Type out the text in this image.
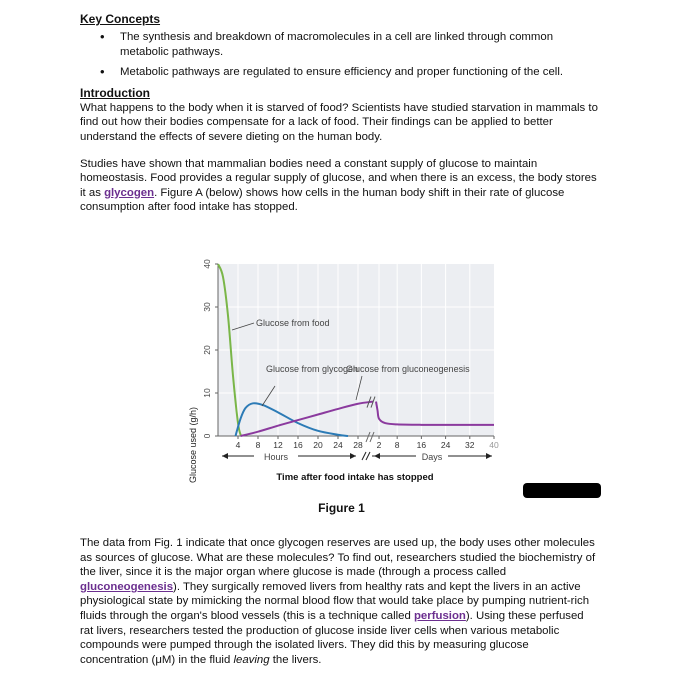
Key Concepts
• The synthesis and breakdown of macromolecules in a cell are linked through common metabolic pathways.
• Metabolic pathways are regulated to ensure efficiency and proper functioning of the cell.
Introduction

What happens to the body when it is starved of food? Scientists have studied starvation in mammals to find out how their bodies compensate for a lack of food. Their findings can be applied to better understand the effects of severe dieting on the human body.

Studies have shown that mammalian bodies need a constant supply of glucose to maintain homeostasis. Food provides a regular supply of glucose, and when there is an excess, the body stores it as glycogen. Figure A (below) shows how cells in the human body shift in their rate of glucose consumption after food intake has stopped.

40
30
20
10
0
4 8 12 16 20 24 28 2 8 16 24 32 40
Glucose used (g/h)
Glucose from food
Glucose from glycogen
Glucose from gluconeogenesis
Hours	Days
Time after food intake has stopped
Figure 1

The data from Fig. 1 indicate that once glycogen reserves are used up, the body uses other molecules as sources of glucose. What are these molecules? To find out, researchers studied the biochemistry of the liver, since it is the major organ where glucose is made (through a process called gluconeogenesis). They surgically removed livers from healthy rats and kept the livers in an active physiological state by mimicking the normal blood flow that would take place by pumping nutrient-rich fluids through the organ's blood vessels (this is a technique called perfusion). Using these perfused rat livers, researchers tested the production of glucose inside liver cells when various metabolic compounds were pumped through the isolated livers. They did this by measuring glucose concentration (μM) in the fluid leaving the livers.
